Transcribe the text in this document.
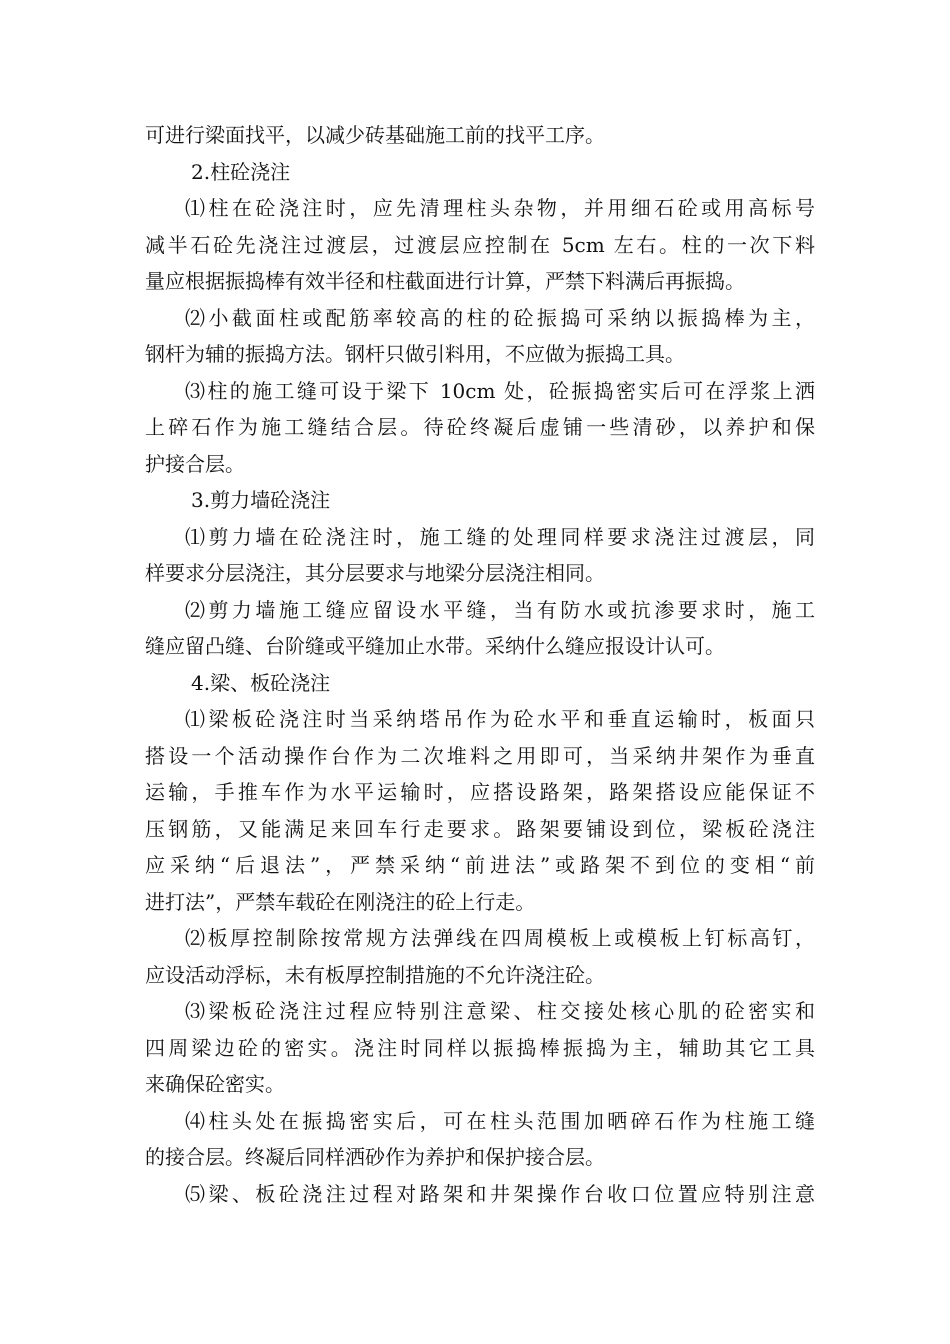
可进行梁面找平，以减少砖基础施工前的找平工序。
2.柱砼浇注
⑴柱在砼浇注时，应先清理柱头杂物，并用细石砼或用高标号
减半石砼先浇注过渡层，过渡层应控制在 5cm 左右。柱的一次下料
量应根据振捣棒有效半径和柱截面进行计算，严禁下料满后再振捣。
⑵小截面柱或配筋率较高的柱的砼振捣可采纳以振捣棒为主，
钢杆为辅的振捣方法。钢杆只做引料用，不应做为振捣工具。
⑶柱的施工缝可设于梁下 10cm 处，砼振捣密实后可在浮浆上洒
上碎石作为施工缝结合层。待砼终凝后虚铺一些清砂，以养护和保
护接合层。
3.剪力墙砼浇注
⑴剪力墙在砼浇注时，施工缝的处理同样要求浇注过渡层，同
样要求分层浇注，其分层要求与地梁分层浇注相同。
⑵剪力墙施工缝应留设水平缝，当有防水或抗渗要求时，施工
缝应留凸缝、台阶缝或平缝加止水带。采纳什么缝应报设计认可。
4.梁、板砼浇注
⑴梁板砼浇注时当采纳塔吊作为砼水平和垂直运输时，板面只
搭设一个活动操作台作为二次堆料之用即可，当采纳井架作为垂直
运输，手推车作为水平运输时，应搭设路架，路架搭设应能保证不
压钢筋，又能满足来回车行走要求。路架要铺设到位，梁板砼浇注
应采纳“后退法”，严禁采纳“前进法”或路架不到位的变相“前
进打法”，严禁车载砼在刚浇注的砼上行走。
⑵板厚控制除按常规方法弹线在四周模板上或模板上钉标高钉，
应设活动浮标，未有板厚控制措施的不允许浇注砼。
⑶梁板砼浇注过程应特别注意梁、柱交接处核心肌的砼密实和
四周梁边砼的密实。浇注时同样以振捣棒振捣为主，辅助其它工具
来确保砼密实。
⑷柱头处在振捣密实后，可在柱头范围加晒碎石作为柱施工缝
的接合层。终凝后同样洒砂作为养护和保护接合层。
⑸梁、板砼浇注过程对路架和井架操作台收口位置应特别注意
